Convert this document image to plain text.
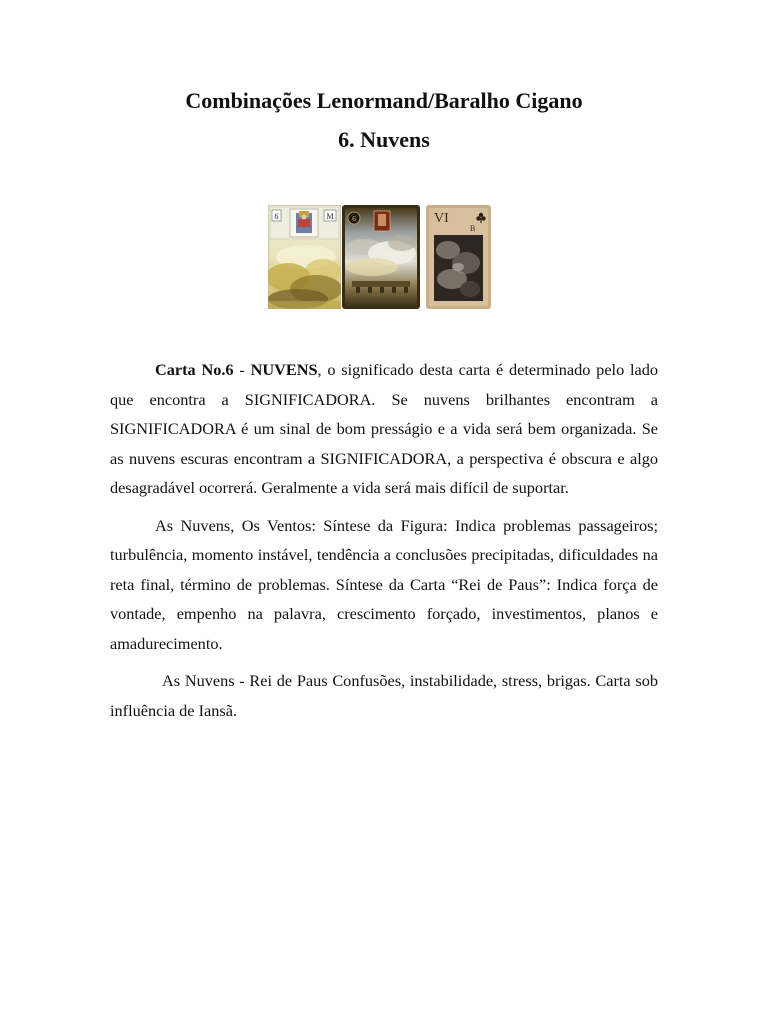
Combinações Lenormand/Baralho Cigano
6. Nuvens
6	M	6	VI
B

Carta No.6 - NUVENS, o significado desta carta é determinado pelo lado que encontra a SIGNIFICADORA. Se nuvens brilhantes encontram a SIGNIFICADORA é um sinal de bom presságio e a vida será bem organizada. Se as nuvens escuras encontram a SIGNIFICADORA, a perspectiva é obscura e algo desagradável ocorrerá. Geralmente a vida será mais difícil de suportar.

As Nuvens, Os Ventos: Síntese da Figura: Indica problemas passageiros; turbulência, momento instável, tendência a conclusões precipitadas, dificuldades na reta final, término de problemas. Síntese da Carta “Rei de Paus”: Indica força de vontade, empenho na palavra, crescimento forçado, investimentos, planos e amadurecimento.

As Nuvens - Rei de Paus Confusões, instabilidade, stress, brigas. Carta sob influência de Iansã.
